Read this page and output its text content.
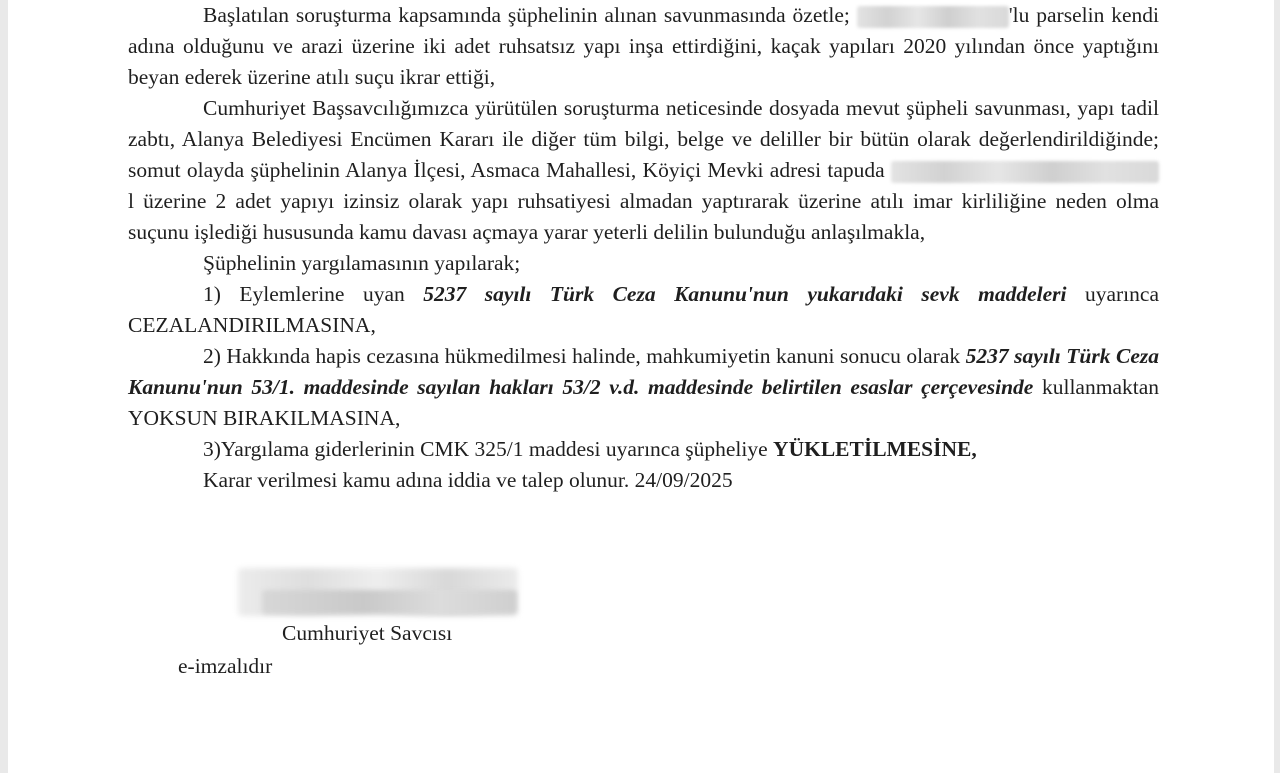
Başlatılan soruşturma kapsamında şüphelinin alınan savunmasında özetle;	'lu parselin kendi adına olduğunu ve arazi üzerine iki adet ruhsatsız yapı inşa ettirdiğini, kaçak yapıları 2020 yılından önce yaptığını beyan ederek üzerine atılı suçu ikrar ettiği,

Cumhuriyet Başsavcılığımızca yürütülen soruşturma neticesinde dosyada mevut şüpheli savunması, yapı tadil zabtı, Alanya Belediyesi Encümen Kararı ile diğer tüm bilgi, belge ve deliller bir bütün olarak değerlendirildiğinde; somut olayda şüphelinin Alanya İlçesi, Asmaca Mahallesi, Köyiçi Mevki adresi tapuda  l üzerine 2 adet yapıyı izinsiz olarak yapı ruhsatiyesi almadan yaptırarak üzerine atılı imar kirliliğine neden olma suçunu işlediği hususunda kamu davası açmaya yarar yeterli delilin bulunduğu anlaşılmakla,

Şüphelinin yargılamasının yapılarak;

1) Eylemlerine uyan 5237 sayılı Türk Ceza Kanunu'nun yukarıdaki sevk maddeleri uyarınca CEZALANDIRILMASINA,

2) Hakkında hapis cezasına hükmedilmesi halinde, mahkumiyetin kanuni sonucu olarak 5237 sayılı Türk Ceza Kanunu'nun 53/1. maddesinde sayılan hakları 53/2 v.d. maddesinde belirtilen esaslar çerçevesinde kullanmaktan YOKSUN BIRAKILMASINA,

3)Yargılama giderlerinin CMK 325/1 maddesi uyarınca şüpheliye YÜKLETİLMESİNE,

Karar verilmesi kamu adına iddia ve talep olunur. 24/09/2025

Cumhuriyet Savcısı
e-imzalıdır
